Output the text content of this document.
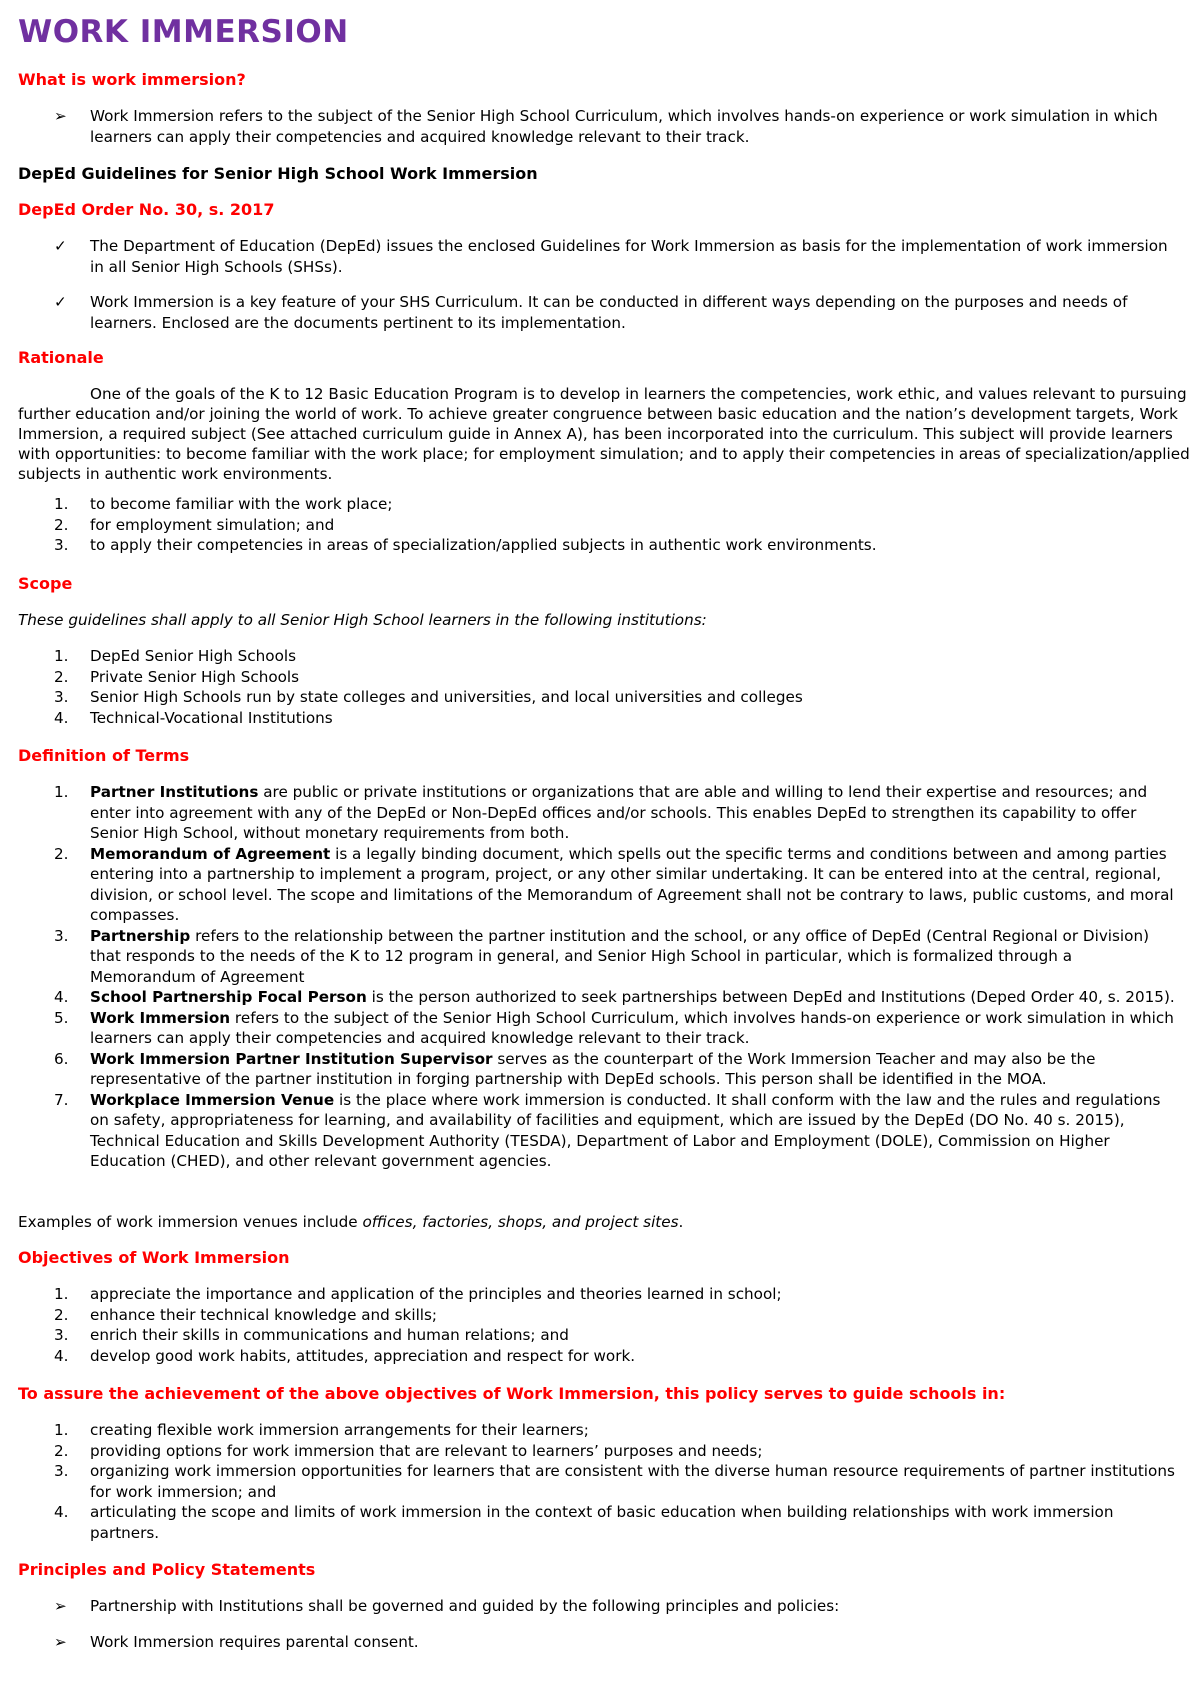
WORK IMMERSION
What is work immersion?
➢ Work Immersion refers to the subject of the Senior High School Curriculum, which involves hands-on experience or work simulation in which learners can apply their competencies and acquired knowledge relevant to their track.
DepEd Guidelines for Senior High School Work Immersion
DepEd Order No. 30, s. 2017
✓ The Department of Education (DepEd) issues the enclosed Guidelines for Work Immersion as basis for the implementation of work immersion in all Senior High Schools (SHSs).
✓ Work Immersion is a key feature of your SHS Curriculum. It can be conducted in different ways depending on the purposes and needs of learners. Enclosed are the documents pertinent to its implementation.
Rationale
One of the goals of the K to 12 Basic Education Program is to develop in learners the competencies, work ethic, and values relevant to pursuing further education and/or joining the world of work. To achieve greater congruence between basic education and the nation’s development targets, Work Immersion, a required subject (See attached curriculum guide in Annex A), has been incorporated into the curriculum. This subject will provide learners with opportunities: to become familiar with the work place; for employment simulation; and to apply their competencies in areas of specialization/applied subjects in authentic work environments.
1. to become familiar with the work place;
2. for employment simulation; and
3. to apply their competencies in areas of specialization/applied subjects in authentic work environments.
Scope
These guidelines shall apply to all Senior High School learners in the following institutions:
1. DepEd Senior High Schools
2. Private Senior High Schools
3. Senior High Schools run by state colleges and universities, and local universities and colleges
4. Technical-Vocational Institutions
Definition of Terms
1. Partner Institutions are public or private institutions or organizations that are able and willing to lend their expertise and resources; and enter into agreement with any of the DepEd or Non-DepEd offices and/or schools. This enables DepEd to strengthen its capability to offer Senior High School, without monetary requirements from both.
2. Memorandum of Agreement is a legally binding document, which spells out the specific terms and conditions between and among parties entering into a partnership to implement a program, project, or any other similar undertaking. It can be entered into at the central, regional, division, or school level. The scope and limitations of the Memorandum of Agreement shall not be contrary to laws, public customs, and moral compasses.
3. Partnership refers to the relationship between the partner institution and the school, or any office of DepEd (Central Regional or Division) that responds to the needs of the K to 12 program in general, and Senior High School in particular, which is formalized through a Memorandum of Agreement
4. School Partnership Focal Person is the person authorized to seek partnerships between DepEd and Institutions (Deped Order 40, s. 2015).
5. Work Immersion refers to the subject of the Senior High School Curriculum, which involves hands-on experience or work simulation in which learners can apply their competencies and acquired knowledge relevant to their track.
6. Work Immersion Partner Institution Supervisor serves as the counterpart of the Work Immersion Teacher and may also be the representative of the partner institution in forging partnership with DepEd schools. This person shall be identified in the MOA.
7. Workplace Immersion Venue is the place where work immersion is conducted. It shall conform with the law and the rules and regulations on safety, appropriateness for learning, and availability of facilities and equipment, which are issued by the DepEd (DO No. 40 s. 2015), Technical Education and Skills Development Authority (TESDA), Department of Labor and Employment (DOLE), Commission on Higher Education (CHED), and other relevant government agencies.
Examples of work immersion venues include offices, factories, shops, and project sites.
Objectives of Work Immersion
1. appreciate the importance and application of the principles and theories learned in school;
2. enhance their technical knowledge and skills;
3. enrich their skills in communications and human relations; and
4. develop good work habits, attitudes, appreciation and respect for work.
To assure the achievement of the above objectives of Work Immersion, this policy serves to guide schools in:
1. creating flexible work immersion arrangements for their learners;
2. providing options for work immersion that are relevant to learners’ purposes and needs;
3. organizing work immersion opportunities for learners that are consistent with the diverse human resource requirements of partner institutions for work immersion; and
4. articulating the scope and limits of work immersion in the context of basic education when building relationships with work immersion partners.
Principles and Policy Statements
➢ Partnership with Institutions shall be governed and guided by the following principles and policies:
➢ Work Immersion requires parental consent.
